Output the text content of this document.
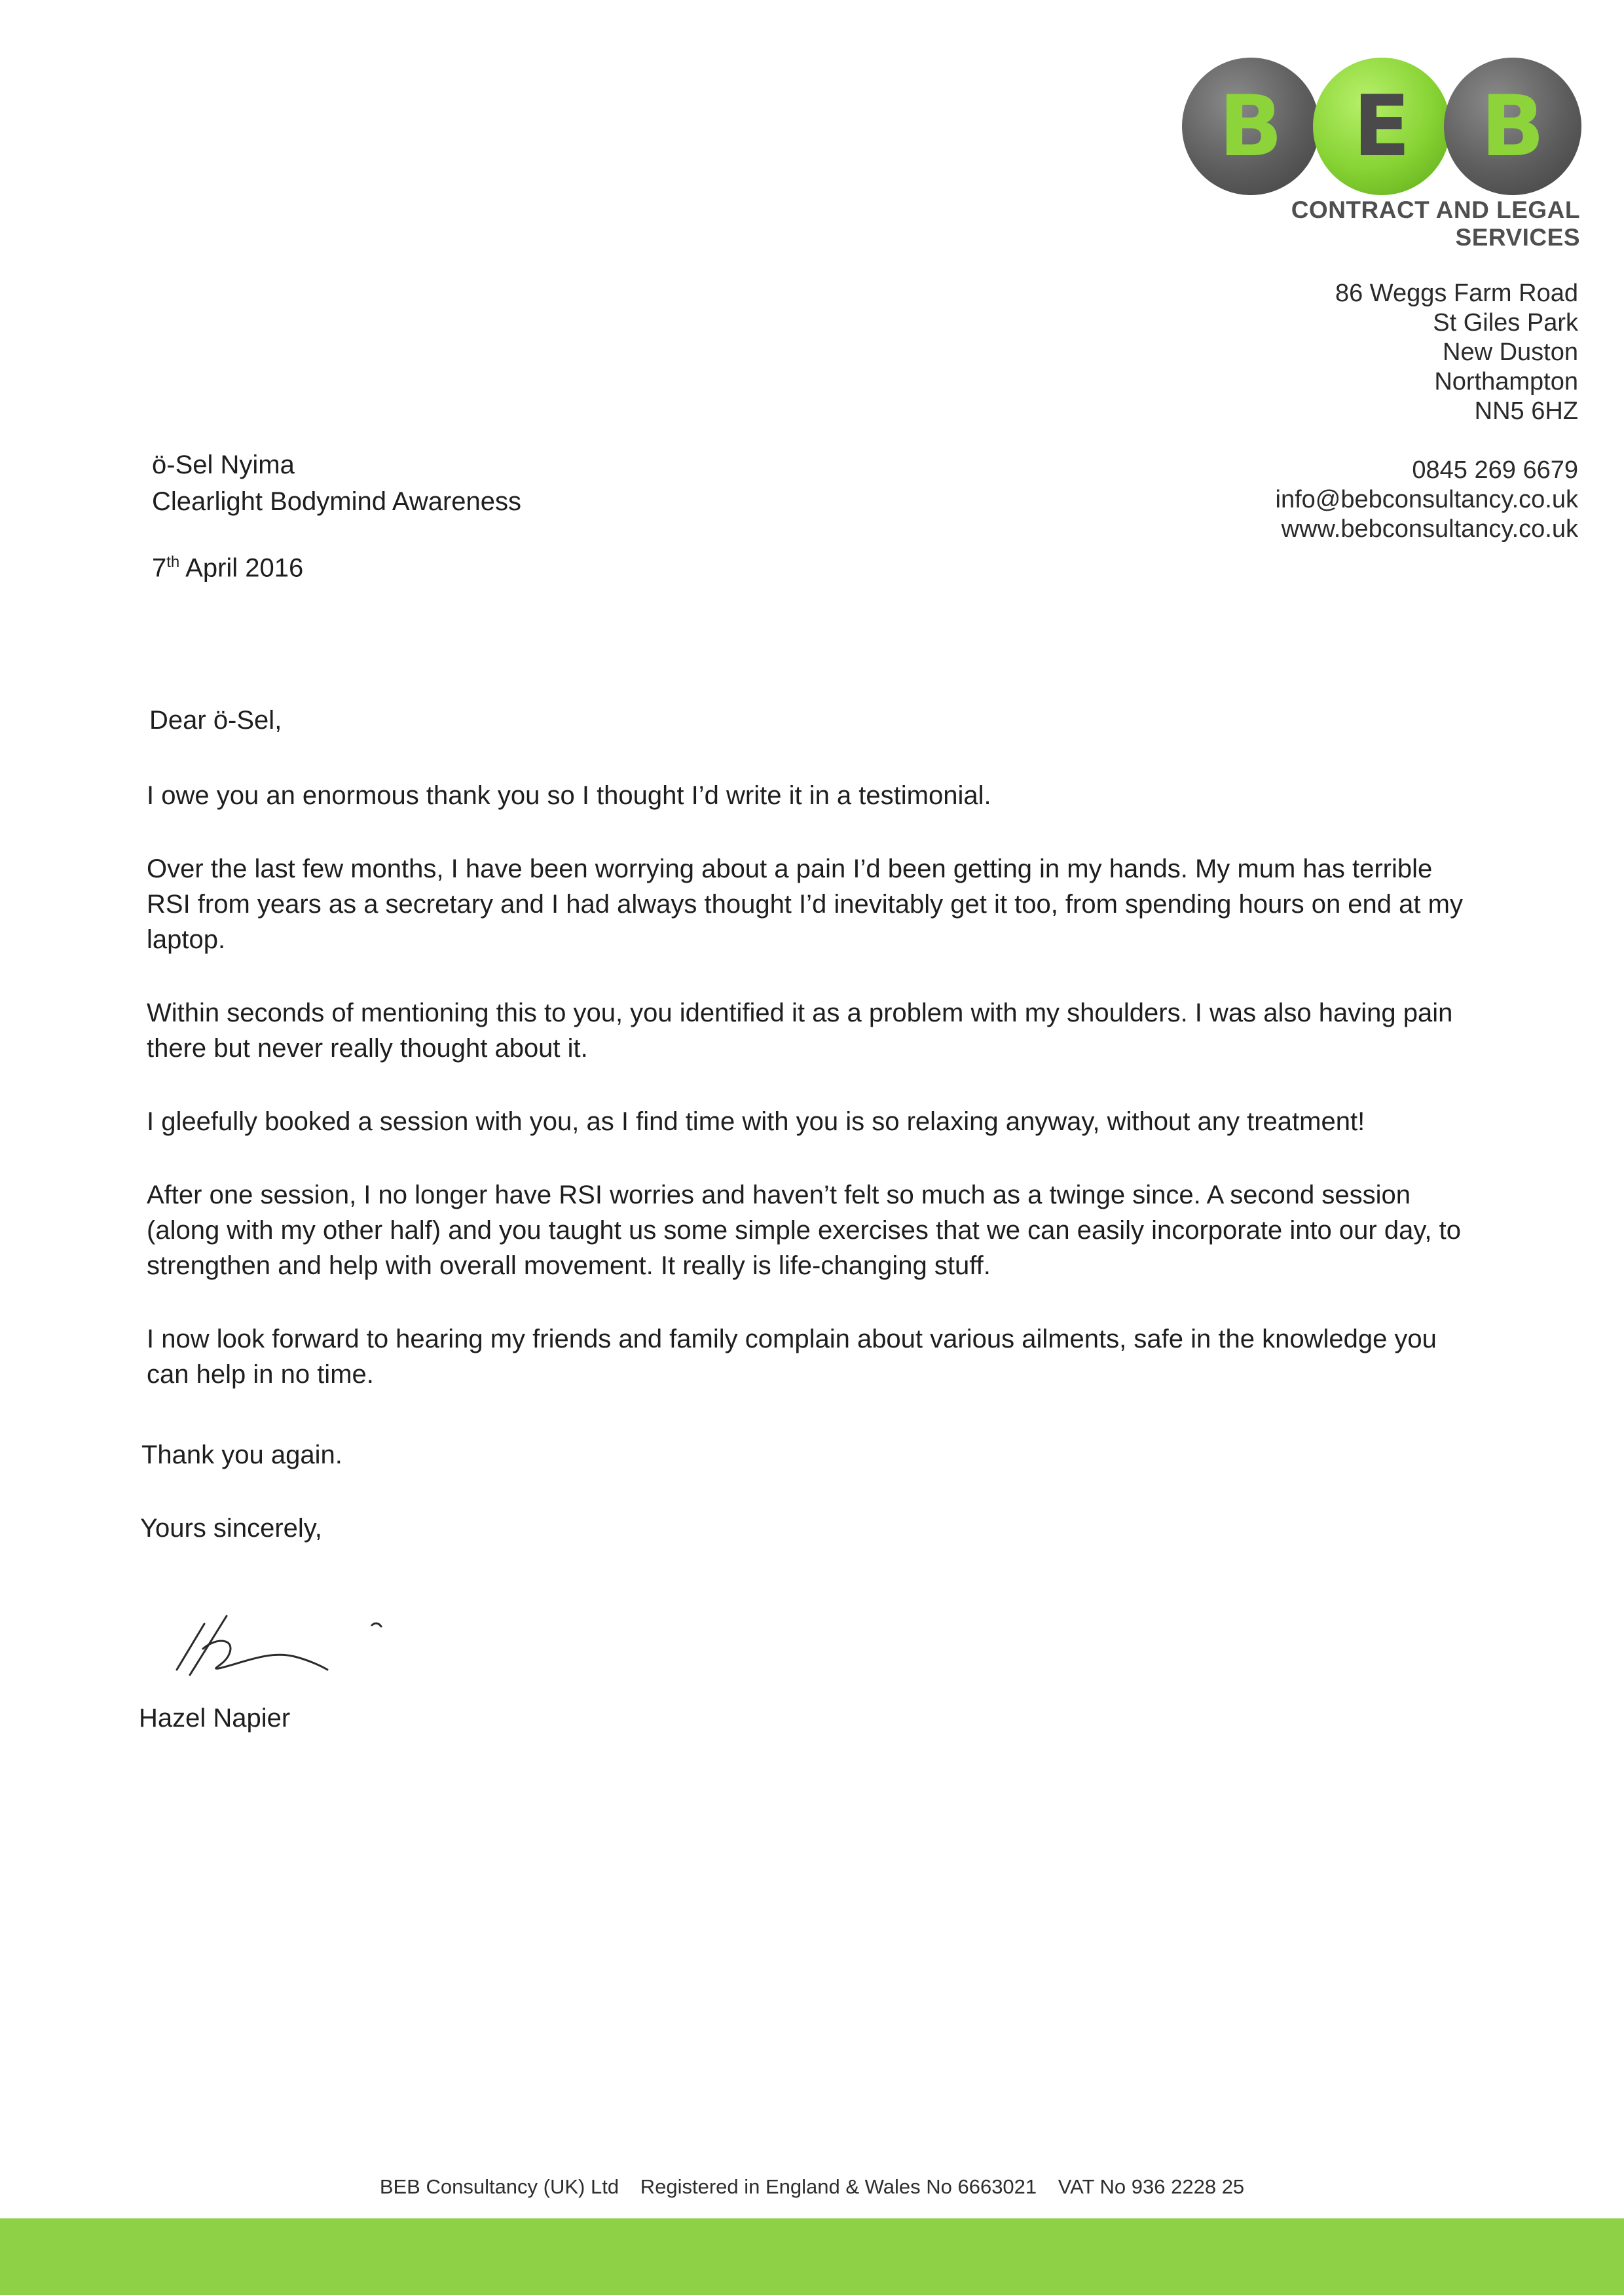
B E B
CONTRACT AND LEGAL SERVICES
86 Weggs Farm Road
St Giles Park
New Duston
Northampton
NN5 6HZ
0845 269 6679
info@bebconsultancy.co.uk
www.bebconsultancy.co.uk
ö-Sel Nyima
Clearlight Bodymind Awareness
7th April 2016
Dear ö-Sel,

I owe you an enormous thank you so I thought I’d write it in a testimonial.

Over the last few months, I have been worrying about a pain I’d been getting in my hands. My mum has terrible RSI from years as a secretary and I had always thought I’d inevitably get it too, from spending hours on end at my laptop.

Within seconds of mentioning this to you, you identified it as a problem with my shoulders. I was also having pain there but never really thought about it.

I gleefully booked a session with you, as I find time with you is so relaxing anyway, without any treatment!

After one session, I no longer have RSI worries and haven’t felt so much as a twinge since. A second session (along with my other half) and you taught us some simple exercises that we can easily incorporate into our day, to strengthen and help with overall movement. It really is life-changing stuff.

I now look forward to hearing my friends and family complain about various ailments, safe in the knowledge you can help in no time.

Thank you again.
Yours sincerely,
Hazel Napier
BEB Consultancy (UK) Ltd Registered in England & Wales No 6663021 VAT No 936 2228 25
